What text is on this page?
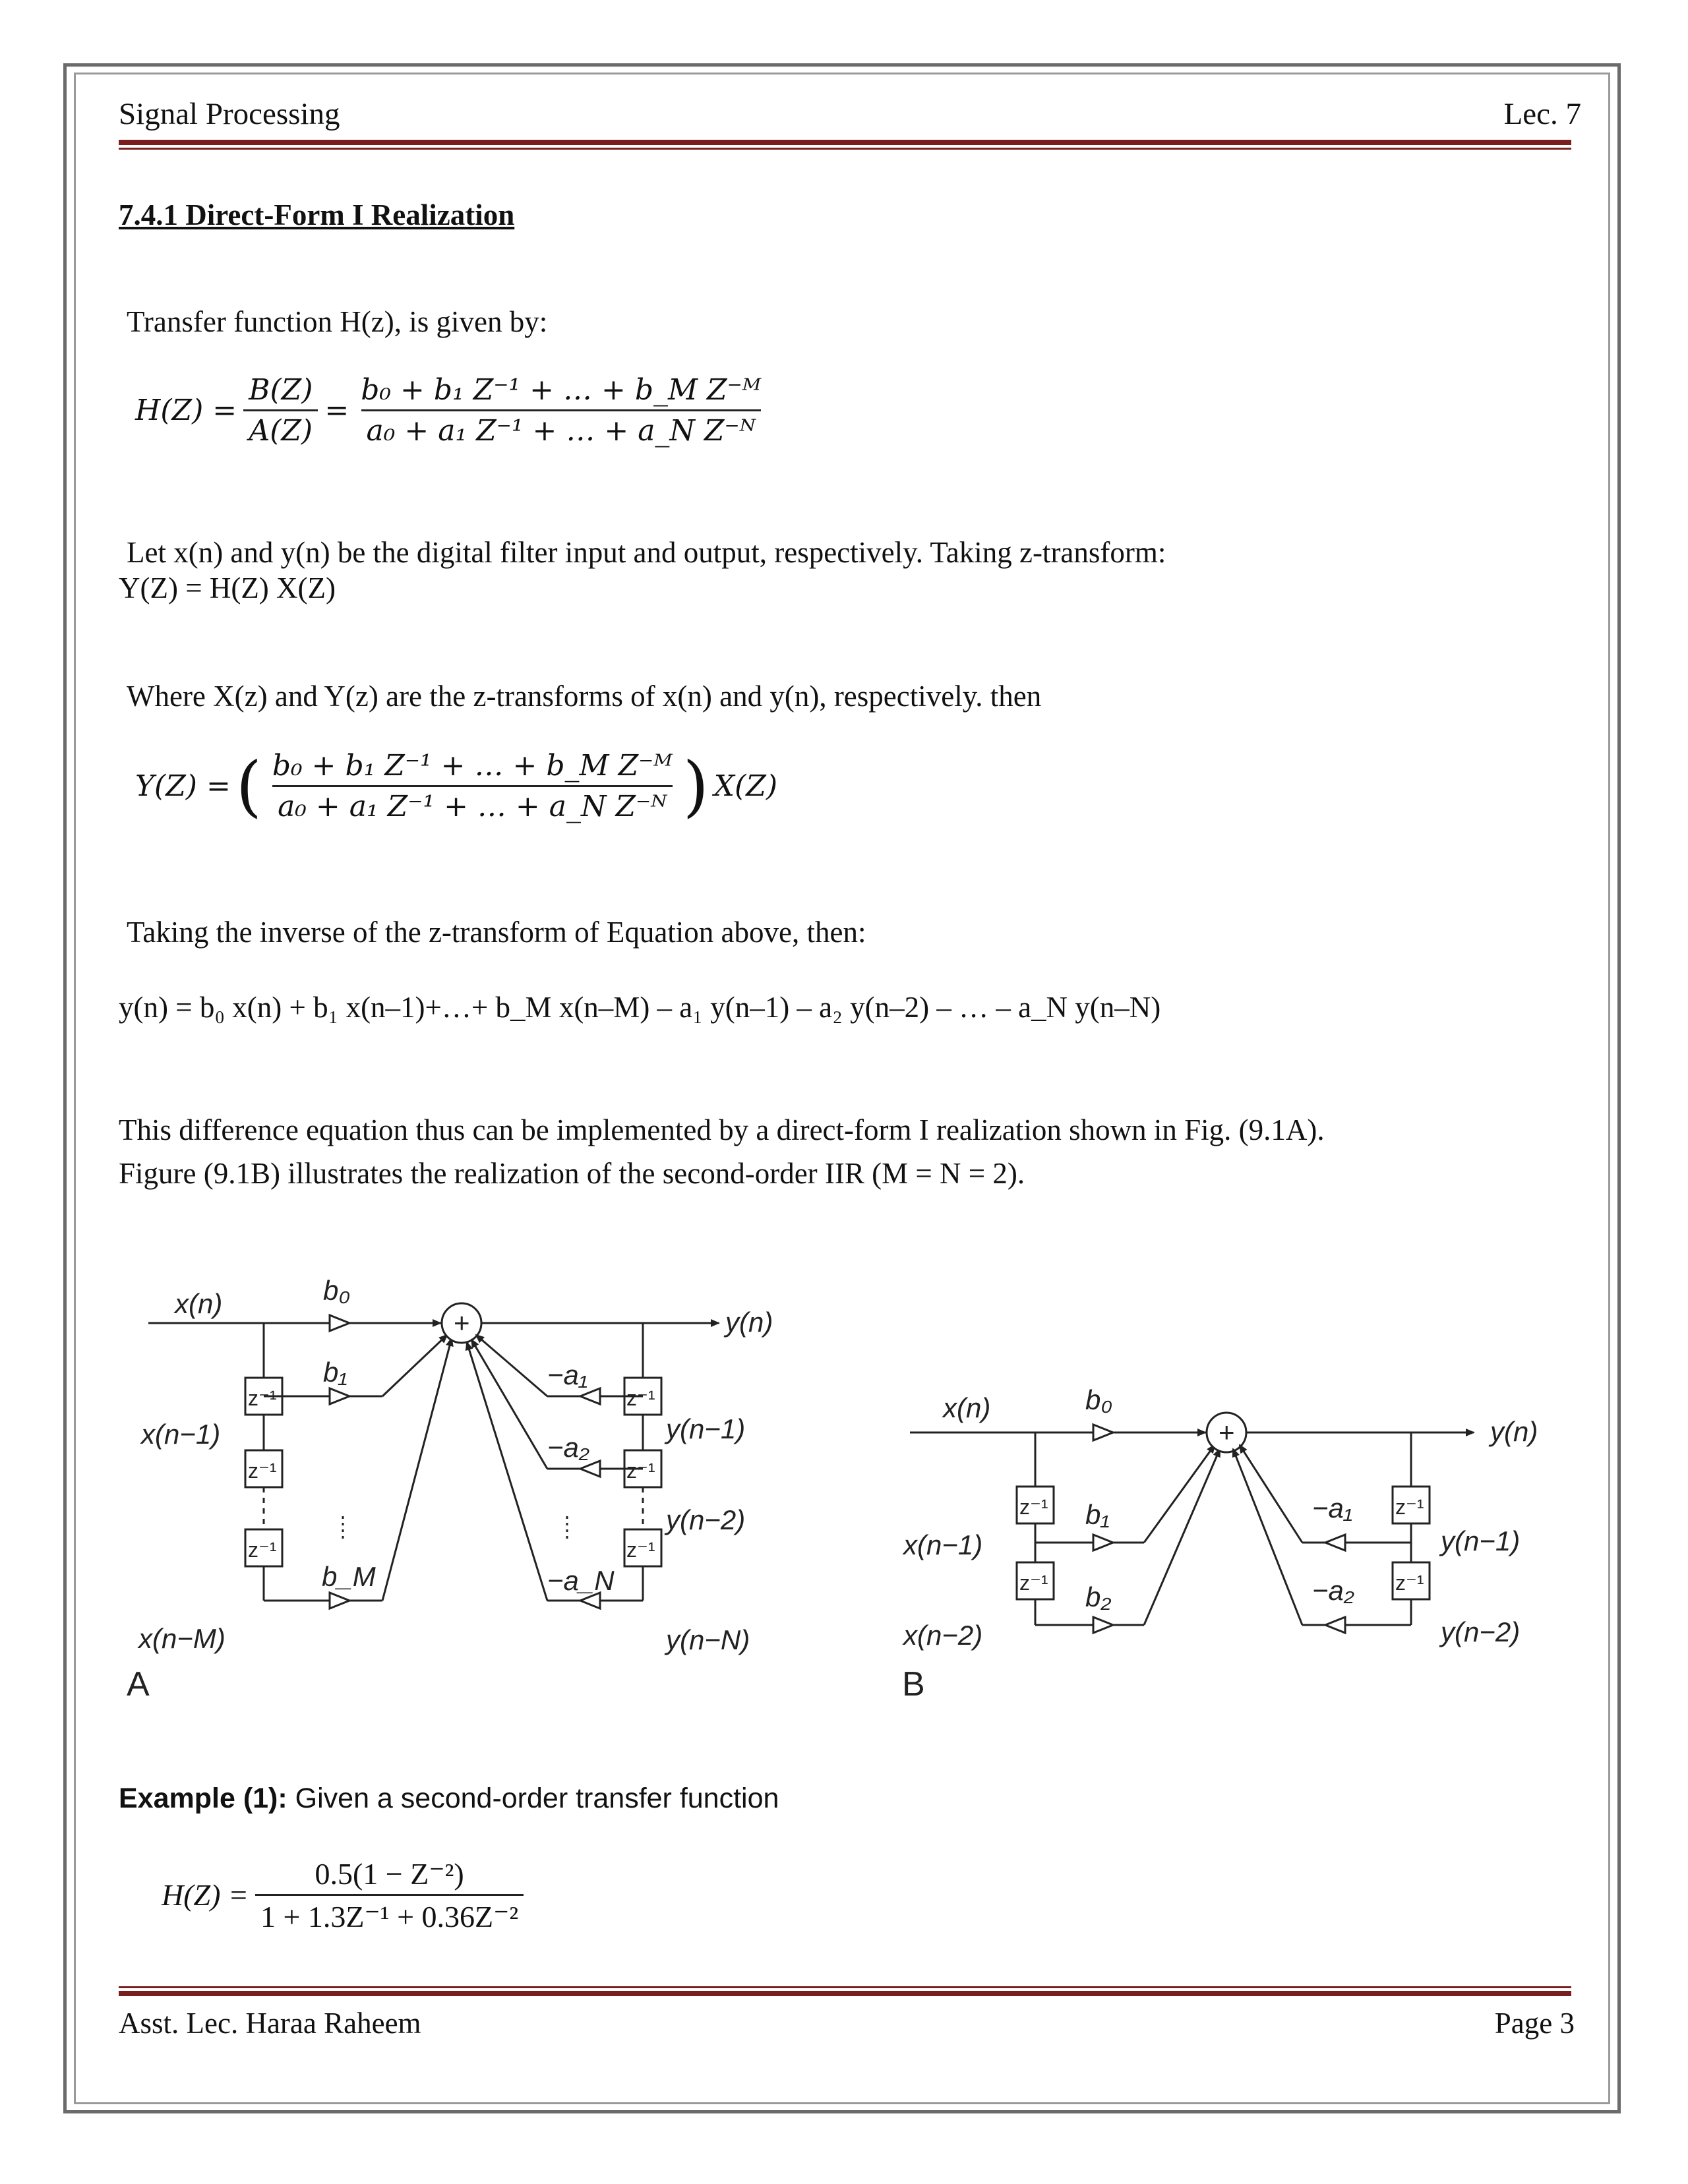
Signal Processing	Lec. 7
7.4.1 Direct-Form I Realization
Transfer function H(z), is given by:
$H(Z) = \frac{B(Z)}{A(Z)} = \frac{\text{b₀ + b₁ Z⁻¹ + … + b\_M Z⁻ᴹ}}{\text{a₀ + a₁ Z⁻¹ + … + a\_N Z⁻ᴺ}}$
Let x(n) and y(n) be the digital filter input and output, respectively. Taking z-transform:
Y(Z) = H(Z) X(Z)
Where X(z) and Y(z) are the z-transforms of x(n) and y(n), respectively. then
Y(Z) = ( $\frac{\text{b₀ + b₁ Z⁻¹ + … + b\_M Z⁻ᴹ}}{\text{a₀ + a₁ Z⁻¹ + … + a\_N Z⁻ᴺ}}$ ) X(Z)
Taking the inverse of the z-transform of Equation above, then:
y(n) = b₀ x(n) + b₁ x(n–1)+…+ b_M x(n–M) – a₁ y(n–1) – a₂ y(n–2) – … – a_N y(n–N)
This difference equation thus can be implemented by a direct-form I realization shown in Fig. (9.1A).
Figure (9.1B) illustrates the realization of the second-order IIR (M = N = 2).
x(n)	b₀
y(n)
+
z⁻¹
z⁻¹
z⁻¹
b₁
b_M
x(n−1)
x(n−M)
−a₁
−a₂
−a_N
z⁻¹
z⁻¹
z⁻¹
y(n−1)
y(n−2)
y(n−N)
A
x(n)	b₀
y(n)
+
z⁻¹
z⁻¹
b₁
b₂
x(n−1)
x(n−2)
−a₁
−a₂
z⁻¹
z⁻¹
y(n−1)
y(n−2)
B
Example (1): Given a second-order transfer function
$H(Z) = \frac{\text{0.5(1 − Z⁻²)}}{\text{1 + 1.3Z⁻¹ + 0.36Z⁻²}}$
Asst. Lec. Haraa Raheem	Page 3
